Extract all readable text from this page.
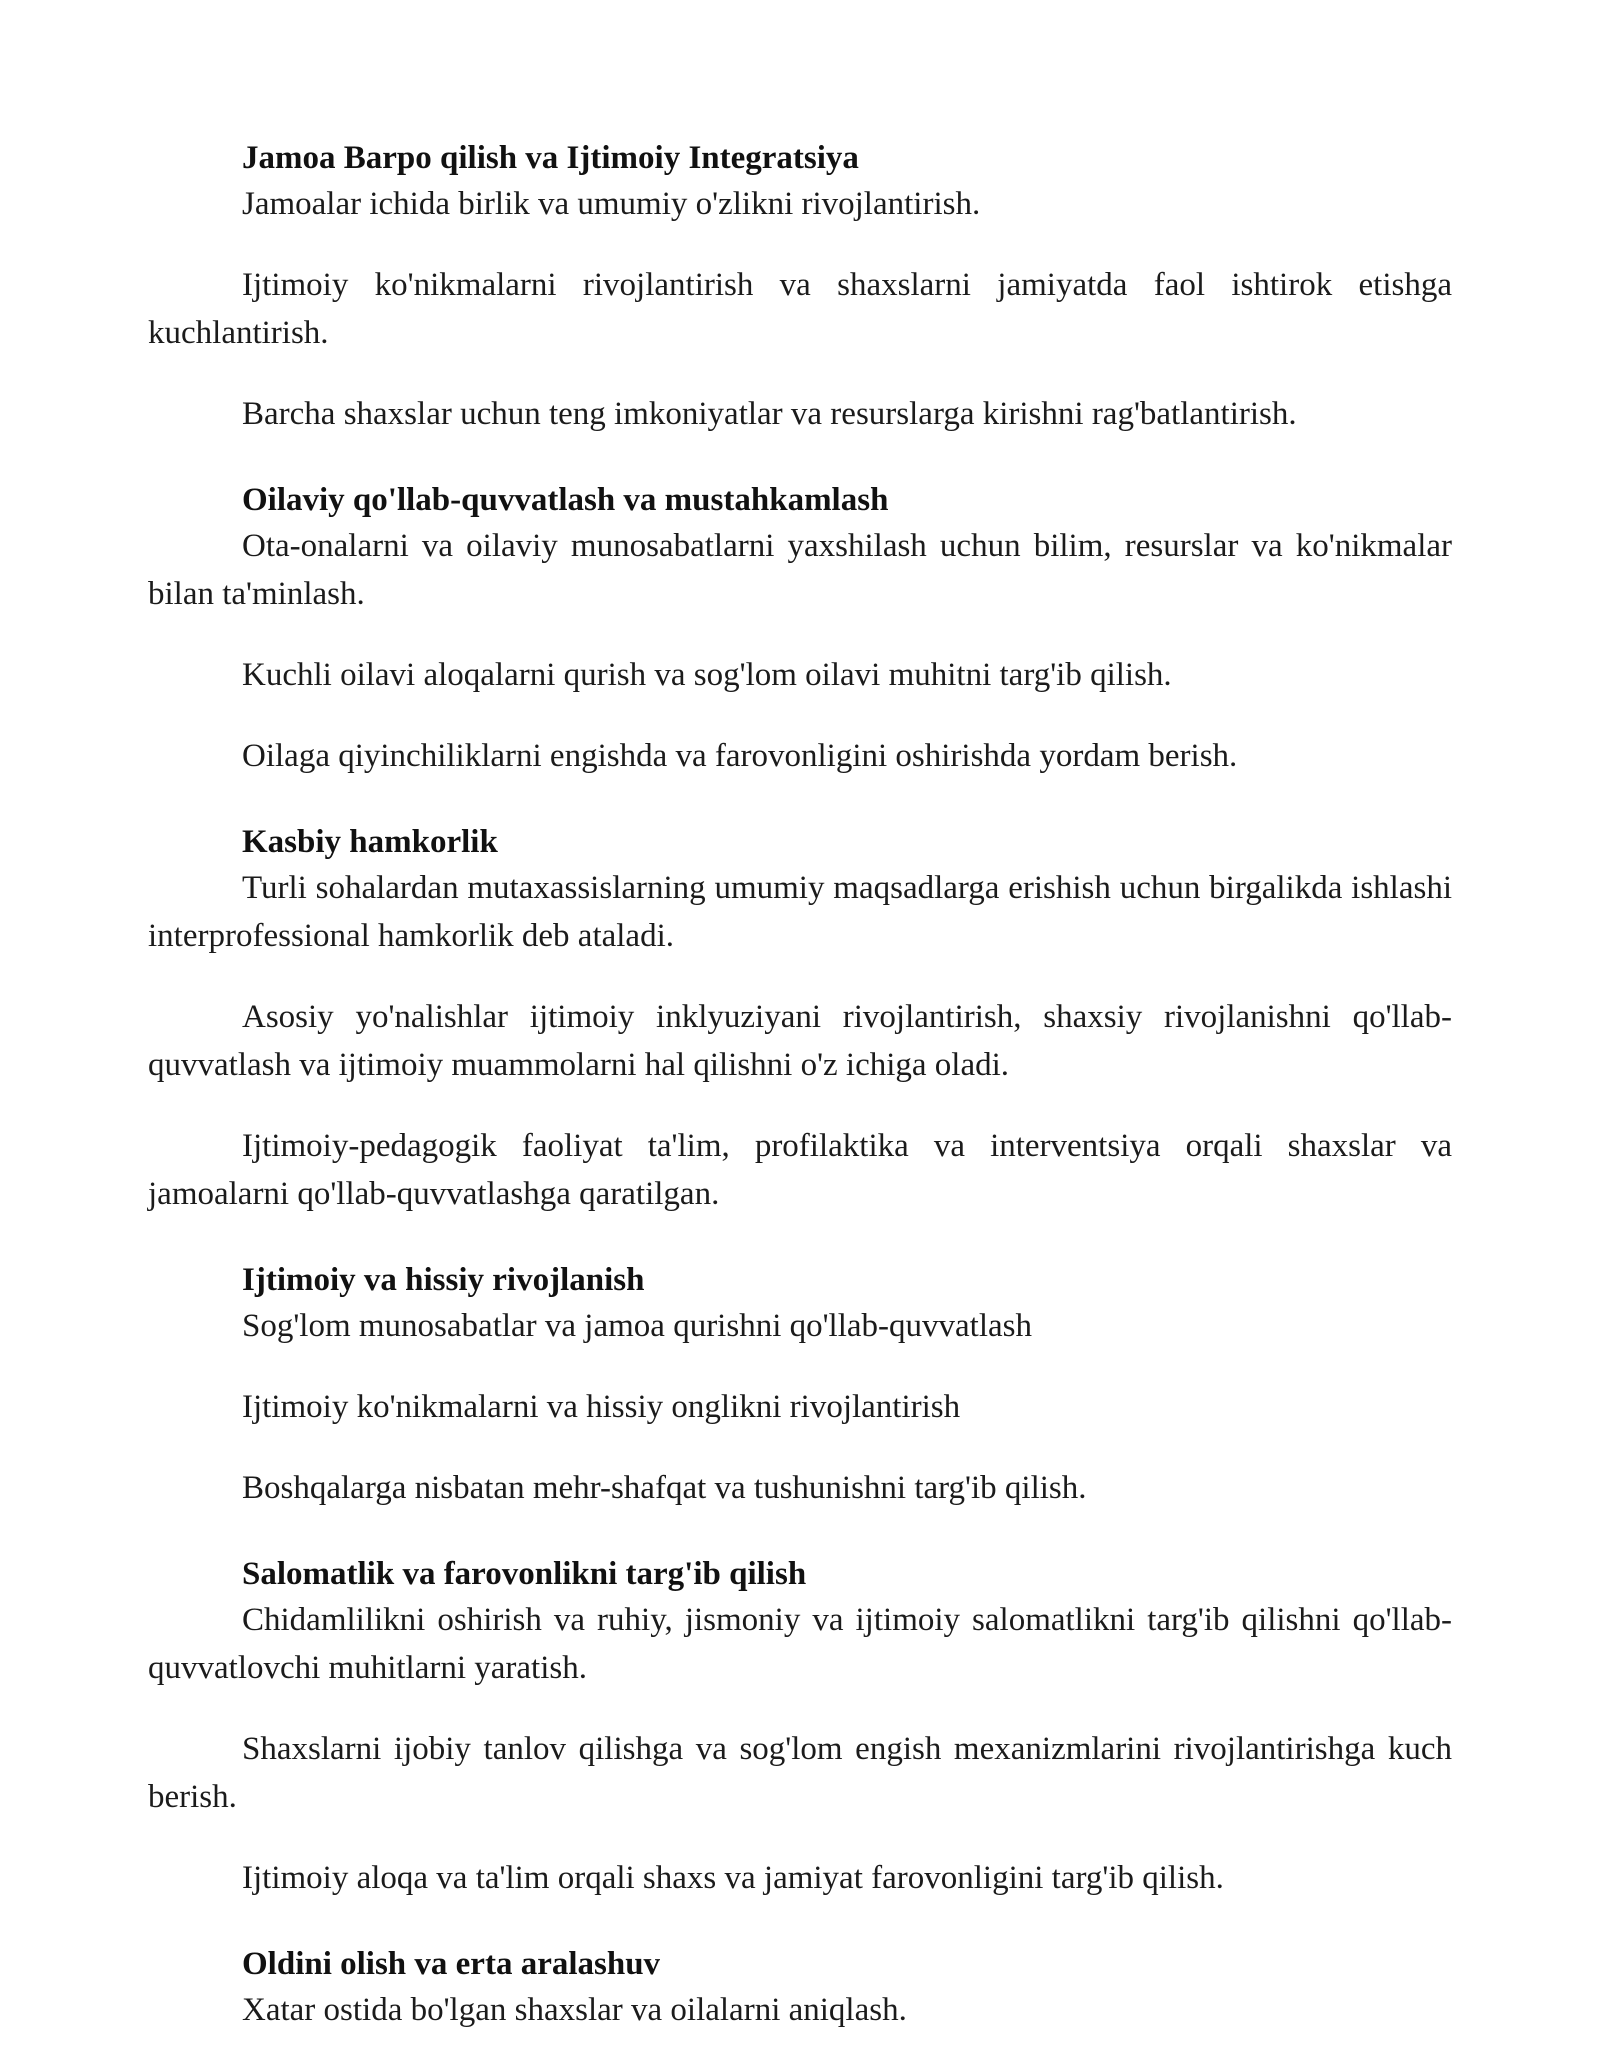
Jamoa Barpo qilish va Ijtimoiy Integratsiya

Jamoalar ichida birlik va umumiy o'zlikni rivojlantirish.

Ijtimoiy ko'nikmalarni rivojlantirish va shaxslarni jamiyatda faol ishtirok etishga kuchlantirish.

Barcha shaxslar uchun teng imkoniyatlar va resurslarga kirishni rag'batlantirish.

Oilaviy qo'llab-quvvatlash va mustahkamlash

Ota-onalarni va oilaviy munosabatlarni yaxshilash uchun bilim, resurslar va ko'nikmalar bilan ta'minlash.

Kuchli oilavi aloqalarni qurish va sog'lom oilavi muhitni targ'ib qilish.

Oilaga qiyinchiliklarni engishda va farovonligini oshirishda yordam berish.

Kasbiy hamkorlik

Turli sohalardan mutaxassislarning umumiy maqsadlarga erishish uchun birgalikda ishlashi interprofessional hamkorlik deb ataladi.

Asosiy yo'nalishlar ijtimoiy inklyuziyani rivojlantirish, shaxsiy rivojlanishni qo'llab-quvvatlash va ijtimoiy muammolarni hal qilishni o'z ichiga oladi.

Ijtimoiy-pedagogik faoliyat ta'lim, profilaktika va interventsiya orqali shaxslar va jamoalarni qo'llab-quvvatlashga qaratilgan.

Ijtimoiy va hissiy rivojlanish

Sog'lom munosabatlar va jamoa qurishni qo'llab-quvvatlash

Ijtimoiy ko'nikmalarni va hissiy onglikni rivojlantirish

Boshqalarga nisbatan mehr-shafqat va tushunishni targ'ib qilish.

Salomatlik va farovonlikni targ'ib qilish

Chidamlilikni oshirish va ruhiy, jismoniy va ijtimoiy salomatlikni targ'ib qilishni qo'llab-quvvatlovchi muhitlarni yaratish.

Shaxslarni ijobiy tanlov qilishga va sog'lom engish mexanizmlarini rivojlantirishga kuch berish.

Ijtimoiy aloqa va ta'lim orqali shaxs va jamiyat farovonligini targ'ib qilish.

Oldini olish va erta aralashuv

Xatar ostida bo'lgan shaxslar va oilalarni aniqlash.
